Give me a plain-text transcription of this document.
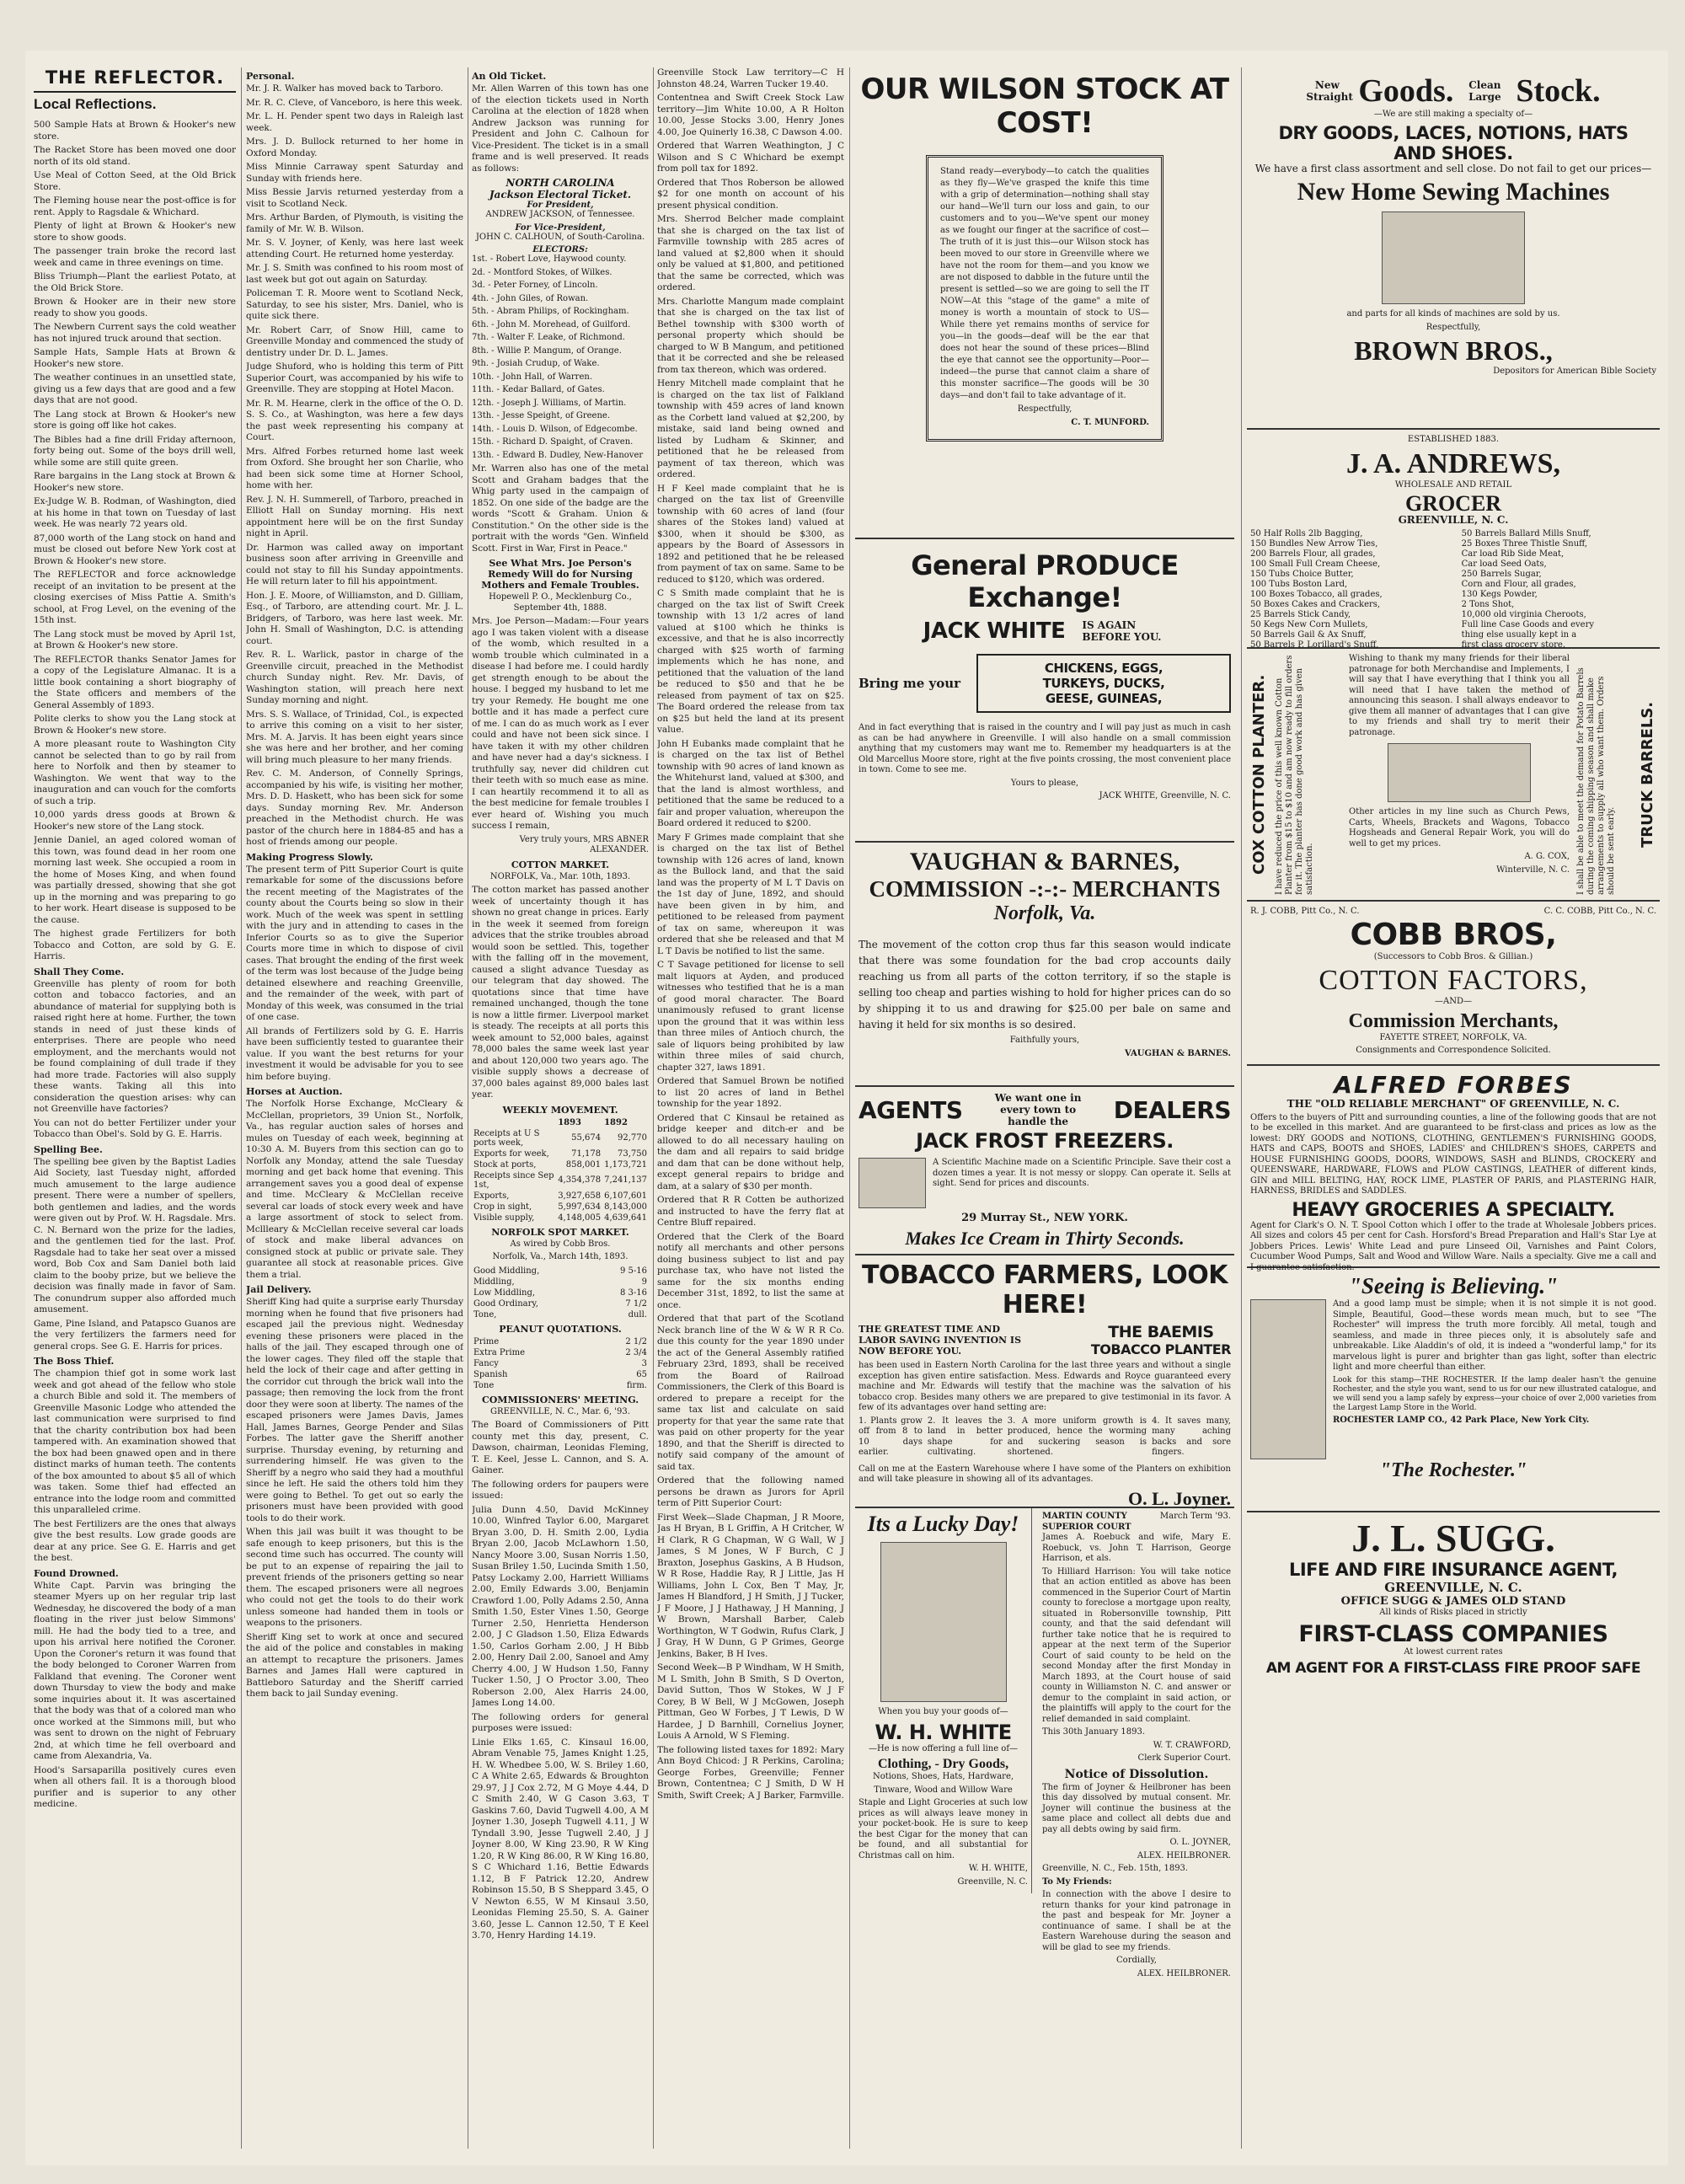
THE REFLECTOR.
Local Reflections.

500 Sample Hats at Brown & Hooker's new store.

The Racket Store has been moved one door north of its old stand.

Use Meal of Cotton Seed, at the Old Brick Store.

The Fleming house near the post-office is for rent. Apply to Ragsdale & Whichard.

Plenty of light at Brown & Hooker's new store to show goods.

The passenger train broke the record last week and came in three evenings on time.

Bliss Triumph—Plant the earliest Potato, at the Old Brick Store.

Brown & Hooker are in their new store ready to show you goods.

The Newbern Current says the cold weather has not injured truck around that section.

Sample Hats, Sample Hats at Brown & Hooker's new store.

The weather continues in an unsettled state, giving us a few days that are good and a few days that are not good.

The Lang stock at Brown & Hooker's new store is going off like hot cakes.

The Bibles had a fine drill Friday afternoon, forty being out. Some of the boys drill well, while some are still quite green.

Rare bargains in the Lang stock at Brown & Hooker's new store.

Ex-Judge W. B. Rodman, of Washington, died at his home in that town on Tuesday of last week. He was nearly 72 years old.

87,000 worth of the Lang stock on hand and must be closed out before New York cost at Brown & Hooker's new store.

The REFLECTOR and force acknowledge receipt of an invitation to be present at the closing exercises of Miss Pattie A. Smith's school, at Frog Level, on the evening of the 15th inst.

The Lang stock must be moved by April 1st, at Brown & Hooker's new store.

The REFLECTOR thanks Senator James for a copy of the Legislature Almanac. It is a little book containing a short biography of the State officers and members of the General Assembly of 1893.

Polite clerks to show you the Lang stock at Brown & Hooker's new store.

A more pleasant route to Washington City cannot be selected than to go by rail from here to Norfolk and then by steamer to Washington. We went that way to the inauguration and can vouch for the comforts of such a trip.

10,000 yards dress goods at Brown & Hooker's new store of the Lang stock.

Jennie Daniel, an aged colored woman of this town, was found dead in her room one morning last week. She occupied a room in the home of Moses King, and when found was partially dressed, showing that she got up in the morning and was preparing to go to her work. Heart disease is supposed to be the cause.

The highest grade Fertilizers for both Tobacco and Cotton, are sold by G. E. Harris.

Shall They Come.

Greenville has plenty of room for both cotton and tobacco factories, and an abundance of material for supplying both is raised right here at home. Further, the town stands in need of just these kinds of enterprises. There are people who need employment, and the merchants would not be found complaining of dull trade if they had more trade. Factories will also supply these wants. Taking all this into consideration the question arises: why can not Greenville have factories?

You can not do better Fertilizer under your Tobacco than Obel's. Sold by G. E. Harris.

Spelling Bee.

The spelling bee given by the Baptist Ladies Aid Society, last Tuesday night, afforded much amusement to the large audience present. There were a number of spellers, both gentlemen and ladies, and the words were given out by Prof. W. H. Ragsdale. Mrs. C. N. Bernard won the prize for the ladies, and the gentlemen tied for the last. Prof. Ragsdale had to take her seat over a missed word, Bob Cox and Sam Daniel both laid claim to the booby prize, but we believe the decision was finally made in favor of Sam. The conundrum supper also afforded much amusement.

Game, Pine Island, and Patapsco Guanos are the very fertilizers the farmers need for general crops. See G. E. Harris for prices.

The Boss Thief.

The champion thief got in some work last week and got ahead of the fellow who stole a church Bible and sold it. The members of Greenville Masonic Lodge who attended the last communication were surprised to find that the charity contribution box had been tampered with. An examination showed that the box had been gnawed open and in there distinct marks of human teeth. The contents of the box amounted to about $5 all of which was taken. Some thief had effected an entrance into the lodge room and committed this unparalleled crime.

The best Fertilizers are the ones that always give the best results. Low grade goods are dear at any price. See G. E. Harris and get the best.

Found Drowned.

White Capt. Parvin was bringing the steamer Myers up on her regular trip last Wednesday, he discovered the body of a man floating in the river just below Simmons' mill. He had the body tied to a tree, and upon his arrival here notified the Coroner. Upon the Coroner's return it was found that the body belonged to Coroner Warren from Falkland that evening. The Coroner went down Thursday to view the body and make some inquiries about it. It was ascertained that the body was that of a colored man who once worked at the Simmons mill, but who was sent to drown on the night of February 2nd, at which time he fell overboard and came from Alexandria, Va.

Hood's Sarsaparilla positively cures even when all others fail. It is a thorough blood purifier and is superior to any other medicine.

Personal.

Mr. J. R. Walker has moved back to Tarboro.

Mr. R. C. Cleve, of Vanceboro, is here this week.

Mr. L. H. Pender spent two days in Raleigh last week.

Mrs. J. D. Bullock returned to her home in Oxford Monday.

Miss Minnie Carraway spent Saturday and Sunday with friends here.

Miss Bessie Jarvis returned yesterday from a visit to Scotland Neck.

Mrs. Arthur Barden, of Plymouth, is visiting the family of Mr. W. B. Wilson.

Mr. S. V. Joyner, of Kenly, was here last week attending Court. He returned home yesterday.

Mr. J. S. Smith was confined to his room most of last week but got out again on Saturday.

Policeman T. R. Moore went to Scotland Neck, Saturday, to see his sister, Mrs. Daniel, who is quite sick there.

Mr. Robert Carr, of Snow Hill, came to Greenville Monday and commenced the study of dentistry under Dr. D. L. James.

Judge Shuford, who is holding this term of Pitt Superior Court, was accompanied by his wife to Greenville. They are stopping at Hotel Macon.

Mr. R. M. Hearne, clerk in the office of the O. D. S. S. Co., at Washington, was here a few days the past week representing his company at Court.

Mrs. Alfred Forbes returned home last week from Oxford. She brought her son Charlie, who had been sick some time at Horner School, home with her.

Rev. J. N. H. Summerell, of Tarboro, preached in Elliott Hall on Sunday morning. His next appointment here will be on the first Sunday night in April.

Dr. Harmon was called away on important business soon after arriving in Greenville and could not stay to fill his Sunday appointments. He will return later to fill his appointment.

Hon. J. E. Moore, of Williamston, and D. Gilliam, Esq., of Tarboro, are attending court. Mr. J. L. Bridgers, of Tarboro, was here last week. Mr. John H. Small of Washington, D.C. is attending court.

Rev. R. L. Warlick, pastor in charge of the Greenville circuit, preached in the Methodist church Sunday night. Rev. Mr. Davis, of Washington station, will preach here next Sunday morning and night.

Mrs. S. S. Wallace, of Trinidad, Col., is expected to arrive this coming on a visit to her sister, Mrs. M. A. Jarvis. It has been eight years since she was here and her brother, and her coming will bring much pleasure to her many friends.

Rev. C. M. Anderson, of Connelly Springs, accompanied by his wife, is visiting her mother, Mrs. D. D. Haskett, who has been sick for some days. Sunday morning Rev. Mr. Anderson preached in the Methodist church. He was pastor of the church here in 1884-85 and has a host of friends among our people.

Making Progress Slowly.

The present term of Pitt Superior Court is quite remarkable for some of the discussions before the recent meeting of the Magistrates of the county about the Courts being so slow in their work. Much of the week was spent in settling with the jury and in attending to cases in the Inferior Courts so as to give the Superior Courts more time in which to dispose of civil cases. That brought the ending of the first week of the term was lost because of the Judge being detained elsewhere and reaching Greenville, and the remainder of the week, with part of Monday of this week, was consumed in the trial of one case.

All brands of Fertilizers sold by G. E. Harris have been sufficiently tested to guarantee their value. If you want the best returns for your investment it would be advisable for you to see him before buying.

Horses at Auction.

The Norfolk Horse Exchange, McCleary & McClellan, proprietors, 39 Union St., Norfolk, Va., has regular auction sales of horses and mules on Tuesday of each week, beginning at 10:30 A. M. Buyers from this section can go to Norfolk any Monday, attend the sale Tuesday morning and get back home that evening. This arrangement saves you a good deal of expense and time. McCleary & McClellan receive several car loads of stock every week and have a large assortment of stock to select from. Mcllleary & McClellan receive several car loads of stock and make liberal advances on consigned stock at public or private sale. They guarantee all stock at reasonable prices. Give them a trial.

Jail Delivery.

Sheriff King had quite a surprise early Thursday morning when he found that five prisoners had escaped jail the previous night. Wednesday evening these prisoners were placed in the halls of the jail. They escaped through one of the lower cages. They filed off the staple that held the lock of their cage and after getting in the corridor cut through the brick wall into the passage; then removing the lock from the front door they were soon at liberty. The names of the escaped prisoners were James Davis, James Hall, James Barnes, George Pender and Silas Forbes. The latter gave the Sheriff another surprise. Thursday evening, by returning and surrendering himself. He was given to the Sheriff by a negro who said they had a mouthful since he left. He said the others told him they were going to Bethel. To get out so early the prisoners must have been provided with good tools to do their work.

When this jail was built it was thought to be safe enough to keep prisoners, but this is the second time such has occurred. The county will be put to an expense of repairing the jail to prevent friends of the prisoners getting so near them. The escaped prisoners were all negroes who could not get the tools to do their work unless someone had handed them in tools or weapons to the prisoners.

Sheriff King set to work at once and secured the aid of the police and constables in making an attempt to recapture the prisoners. James Barnes and James Hall were captured in Battleboro Saturday and the Sheriff carried them back to jail Sunday evening.

An Old Ticket.

Mr. Allen Warren of this town has one of the election tickets used in North Carolina at the election of 1828 when Andrew Jackson was running for President and John C. Calhoun for Vice-President. The ticket is in a small frame and is well preserved. It reads as follows:

NORTH CAROLINA
Jackson Electoral Ticket.
For President,

ANDREW JACKSON, of Tennessee.

For Vice-President,

JOHN C. CALHOUN, of South-Carolina.

ELECTORS:

1st. - Robert Love, Haywood county.

2d. - Montford Stokes, of Wilkes.

3d. - Peter Forney, of Lincoln.

4th. - John Giles, of Rowan.

5th. - Abram Philips, of Rockingham.

6th. - John M. Morehead, of Guilford.

7th. - Walter F. Leake, of Richmond.

8th. - Willie P. Mangum, of Orange.

9th. - Josiah Crudup, of Wake.

10th. - John Hall, of Warren.

11th. - Kedar Ballard, of Gates.

12th. - Joseph J. Williams, of Martin.

13th. - Jesse Speight, of Greene.

14th. - Louis D. Wilson, of Edgecombe.

15th. - Richard D. Spaight, of Craven.

13th. - Edward B. Dudley, New-Hanover

Mr. Warren also has one of the metal Scott and Graham badges that the Whig party used in the campaign of 1852. On one side of the badge are the words "Scott & Graham. Union & Constitution." On the other side is the portrait with the words "Gen. Winfield Scott. First in War, First in Peace."

See What Mrs. Joe Person's Remedy Will do for Nursing Mothers and Female Troubles.

Hopewell P. O., Mecklenburg Co., September 4th, 1888.

Mrs. Joe Person—Madam:—Four years ago I was taken violent with a disease of the womb, which resulted in a womb trouble which culminated in a disease I had before me. I could hardly get strength enough to be about the house. I begged my husband to let me try your Remedy. He bought me one bottle and it has made a perfect cure of me. I can do as much work as I ever could and have not been sick since. I have taken it with my other children and have never had a day's sickness. I truthfully say, never did children cut their teeth with so much ease as mine. I can heartily recommend it to all as the best medicine for female troubles I ever heard of. Wishing you much success I remain,

Very truly yours, MRS ABNER ALEXANDER.

COTTON MARKET.

NORFOLK, Va., Mar. 10th, 1893.

The cotton market has passed another week of uncertainty though it has shown no great change in prices. Early in the week it seemed from foreign advices that the strike troubles abroad would soon be settled. This, together with the falling off in the movement, caused a slight advance Tuesday as our telegram that day showed. The quotations since that time have remained unchanged, though the tone is now a little firmer. Liverpool market is steady. The receipts at all ports this week amount to 52,000 bales, against 78,000 bales the same week last year and about 120,000 two years ago. The visible supply shows a decrease of 37,000 bales against 89,000 bales last year.

WEEKLY MOVEMENT.
	1893	1892
Receipts at U S ports week,	55,674	92,770
Exports for week,	71,178	73,750
Stock at ports,	858,001	1,173,721
Receipts since Sep 1st,	4,354,378	7,241,137
Exports,	3,927,658	6,107,601
Crop in sight,	5,997,634	8,143,000
Visible supply,	4,148,005	4,639,641
NORFOLK SPOT MARKET.

As wired by Cobb Bros.

Norfolk, Va., March 14th, 1893.

Good Middling,	9 5-16
Middling,	9
Low Middling,	8 3-16
Good Ordinary,	7 1/2
Tone,	dull.
PEANUT QUOTATIONS.
Prime	2 1/2
Extra Prime	2 3/4
Fancy	3
Spanish	65
Tone	firm.
COMMISSIONERS' MEETING.

GREENVILLE, N. C., Mar. 6, '93.

The Board of Commissioners of Pitt county met this day, present, C. Dawson, chairman, Leonidas Fleming, T. E. Keel, Jesse L. Cannon, and S. A. Gainer.

The following orders for paupers were issued:

Julia Dunn 4.50, David McKinney 10.00, Winfred Taylor 6.00, Margaret Bryan 3.00, D. H. Smith 2.00, Lydia Bryan 2.00, Jacob McLawhorn 1.50, Nancy Moore 3.00, Susan Norris 1.50, Susan Briley 1.50, Lucinda Smith 1.50, Patsy Lockamy 2.00, Harriett Williams 2.00, Emily Edwards 3.00, Benjamin Crawford 1.00, Polly Adams 2.50, Anna Smith 1.50, Ester Vines 1.50, George Turner 2.50, Henrietta Henderson 2.00, J C Gladson 1.50, Eliza Edwards 1.50, Carlos Gorham 2.00, J H Bibb 2.00, Henry Dail 2.00, Sanoel and Amy Cherry 4.00, J W Hudson 1.50, Fanny Tucker 1.50, J O Proctor 3.00, Theo Roberson 2.00, Alex Harris 24.00, James Long 14.00.

The following orders for general purposes were issued:

Linie Elks 1.65, C. Kinsaul 16.00, Abram Venable 75, James Knight 1.25, H. W. Whedbee 5.00, W. S. Briley 1.60, C A White 2.65, Edwards & Broughton 29.97, J J Cox 2.72, M G Moye 4.44, D C Smith 2.40, W G Cason 3.63, T Gaskins 7.60, David Tugwell 4.00, A M Joyner 1.30, Joseph Tugwell 4.11, J W Tyndall 3.90, Jesse Tugwell 2.40, J J Joyner 8.00, W King 23.90, R W King 1.20, R W King 86.00, R W King 16.80, S C Whichard 1.16, Bettie Edwards 1.12, B F Patrick 12.20, Andrew Robinson 15.50, B S Sheppard 3.45, O V Newton 6.55, W M Kinsaul 3.50, Leonidas Fleming 25.50, S. A. Gainer 3.60, Jesse L. Cannon 12.50, T E Keel 3.70, Henry Harding 14.19.

Greenville Stock Law territory—C H Johnston 48.24, Warren Tucker 19.40.

Contentnea and Swift Creek Stock Law territory—Jim White 10.00, A R Holton 10.00, Jesse Stocks 3.00, Henry Jones 4.00, Joe Quinerly 16.38, C Dawson 4.00.

Ordered that Warren Weathington, J C Wilson and S C Whichard be exempt from poll tax for 1892.

Ordered that Thos Roberson be allowed $2 for one month on account of his present physical condition.

Mrs. Sherrod Belcher made complaint that she is charged on the tax list of Farmville township with 285 acres of land valued at $2,800 when it should only be valued at $1,800, and petitioned that the same be corrected, which was ordered.

Mrs. Charlotte Mangum made complaint that she is charged on the tax list of Bethel township with $300 worth of personal property which should be charged to W B Mangum, and petitioned that it be corrected and she be released from tax thereon, which was ordered.

Henry Mitchell made complaint that he is charged on the tax list of Falkland township with 459 acres of land known as the Corbett land valued at $2,200, by mistake, said land being owned and listed by Ludham & Skinner, and petitioned that he be released from payment of tax thereon, which was ordered.

H F Keel made complaint that he is charged on the tax list of Greenville township with 60 acres of land (four shares of the Stokes land) valued at $300, when it should be $300, as appears by the Board of Assessors in 1892 and petitioned that he be released from payment of tax on same. Same to be reduced to $120, which was ordered.

C S Smith made complaint that he is charged on the tax list of Swift Creek township with 13 1/2 acres of land valued at $100 which he thinks is excessive, and that he is also incorrectly charged with $25 worth of farming implements which he has none, and petitioned that the valuation of the land be reduced to $50 and that he be released from payment of tax on $25. The Board ordered the release from tax on $25 but held the land at its present value.

John H Eubanks made complaint that he is charged on the tax list of Bethel township with 90 acres of land known as the Whitehurst land, valued at $300, and that the land is almost worthless, and petitioned that the same be reduced to a fair and proper valuation, whereupon the Board ordered it reduced to $200.

Mary F Grimes made complaint that she is charged on the tax list of Bethel township with 126 acres of land, known as the Bullock land, and that the said land was the property of M L T Davis on the 1st day of June, 1892, and should have been given in by him, and petitioned to be released from payment of tax on same, whereupon it was ordered that she be released and that M L T Davis be notified to list the same.

C T Savage petitioned for license to sell malt liquors at Ayden, and produced witnesses who testified that he is a man of good moral character. The Board unanimously refused to grant license upon the ground that it was within less than three miles of Antioch church, the sale of liquors being prohibited by law within three miles of said church, chapter 327, laws 1891.

Ordered that Samuel Brown be notified to list 20 acres of land in Bethel township for the year 1892.

Ordered that C Kinsaul be retained as bridge keeper and ditch-er and be allowed to do all necessary hauling on the dam and all repairs to said bridge and dam that can be done without help, except general repairs to bridge and dam, at a salary of $30 per month.

Ordered that R R Cotten be authorized and instructed to have the ferry flat at Centre Bluff repaired.

Ordered that the Clerk of the Board notify all merchants and other persons doing business subject to list and pay purchase tax, who have not listed the same for the six months ending December 31st, 1892, to list the same at once.

Ordered that that part of the Scotland Neck branch line of the W & W R R Co. due this county for the year 1890 under the act of the General Assembly ratified February 23rd, 1893, shall be received from the Board of Railroad Commissioners, the Clerk of this Board is ordered to prepare a receipt for the same tax list and calculate on said property for that year the same rate that was paid on other property for the year 1890, and that the Sheriff is directed to notify said company of the amount of said tax.

Ordered that the following named persons be drawn as Jurors for April term of Pitt Superior Court:

First Week—Slade Chapman, J R Moore, Jas H Bryan, B L Griffin, A H Critcher, W H Clark, R G Chapman, W G Wall, W J James, S M Jones, W F Burch, C J Braxton, Josephus Gaskins, A B Hudson, W R Rose, Haddie Ray, R J Little, Jas H Williams, John L Cox, Ben T May, Jr, James H Blandford, J H Smith, J J Tucker, J F Moore, J J Hathaway, J H Manning, J W Brown, Marshall Barber, Caleb Worthington, W T Godwin, Rufus Clark, J J Gray, H W Dunn, G P Grimes, George Jenkins, Baker, B H Ives.

Second Week—B P Windham, W H Smith, M L Smith, John B Smith, S D Overton, David Sutton, Thos W Stokes, W J F Corey, B W Bell, W J McGowen, Joseph Pittman, Geo W Forbes, J T Lewis, D W Hardee, J D Barnhill, Cornelius Joyner, Louis A Arnold, W S Fleming.

The following listed taxes for 1892: Mary Ann Boyd Chicod: J R Perkins, Carolina; George Forbes, Greenville; Fenner Brown, Contentnea; C J Smith, D W H Smith, Swift Creek; A J Barker, Farmville.

OUR WILSON STOCK AT COST!

Stand ready—everybody—to catch the qualities as they fly—We've grasped the knife this time with a grip of determination—nothing shall stay our hand—We'll turn our loss and gain, to our customers and to you—We've spent our money as we fought our finger at the sacrifice of cost—The truth of it is just this—our Wilson stock has been moved to our store in Greenville where we have not the room for them—and you know we are not disposed to dabble in the future until the present is settled—so we are going to sell the IT NOW—At this "stage of the game" a mite of money is worth a mountain of stock to US—While there yet remains months of service for you—in the goods—deaf will be the ear that does not hear the sound of these prices—Blind the eye that cannot see the opportunity—Poor—indeed—the purse that cannot claim a share of this monster sacrifice—The goods will be 30 days—and don't fail to take advantage of it.

Respectfully,

C. T. MUNFORD.

General PRODUCE Exchange!
JACK WHITE IS AGAIN BEFORE YOU.
Bring me your
CHICKENS, EGGS,
TURKEYS, DUCKS,
GEESE, GUINEAS,

And in fact everything that is raised in the country and I will pay just as much in cash as can be had anywhere in Greenville. I will also handle on a small commission anything that my customers may want me to. Remember my headquarters is at the Old Marcellus Moore store, right at the five points crossing, the most convenient place in town. Come to see me.

Yours to please,

JACK WHITE, Greenville, N. C.

VAUGHAN & BARNES,
COMMISSION -:-:- MERCHANTS
Norfolk, Va.

The movement of the cotton crop thus far this season would indicate that there was some foundation for the bad crop accounts daily reaching us from all parts of the cotton territory, if so the staple is selling too cheap and parties wishing to hold for higher prices can do so by shipping it to us and drawing for $25.00 per bale on same and having it held for six months is so desired.

Faithfully yours,

VAUGHAN & BARNES.

AGENTS	We want one in every town to handle the	DEALERS
JACK FROST FREEZERS.

A Scientific Machine made on a Scientific Principle. Save their cost a dozen times a year. It is not messy or sloppy. Can operate it. Sells at sight. Send for prices and discounts.

29 Murray St., NEW YORK.
Makes Ice Cream in Thirty Seconds.
TOBACCO FARMERS, LOOK HERE!
THE GREATEST TIME AND LABOR SAVING INVENTION IS NOW BEFORE YOU.
THE BAEMIS
TOBACCO PLANTER

has been used in Eastern North Carolina for the last three years and without a single exception has given entire satisfaction. Mess. Edwards and Royce guaranteed every machine and Mr. Edwards will testify that the machine was the salvation of his tobacco crop. Besides many others we are prepared to give testimonial in its favor. A few of its advantages over hand setting are:

1. Plants grow off from 8 to 10 days earlier.

2. It leaves the land in better shape for cultivating.

3. A more uniform growth is produced, hence the worming and suckering season is shortened.

4. It saves many, many aching backs and sore fingers.

Call on me at the Eastern Warehouse where I have some of the Planters on exhibition and will take pleasure in showing all of its advantages.

O. L. Joyner.
Its a Lucky Day!

When you buy your goods of—

W. H. WHITE

—He is now offering a full line of—

Clothing, - Dry Goods,

Notions, Shoes, Hats, Hardware,

Tinware, Wood and Willow Ware

Staple and Light Groceries at such low prices as will always leave money in your pocket-book. He is sure to keep the best Cigar for the money that can be found, and all substantial for Christmas call on him.

W. H. WHITE,

Greenville, N. C.

MARTIN COUNTY SUPERIOR COURT
March Term '93.

James A. Roebuck and wife, Mary E. Roebuck, vs. John T. Harrison, George Harrison, et als.

To Hilliard Harrison: You will take notice that an action entitled as above has been commenced in the Superior Court of Martin county to foreclose a mortgage upon realty, situated in Robersonville township, Pitt county, and that the said defendant will further take notice that he is required to appear at the next term of the Superior Court of said county to be held on the second Monday after the first Monday in March 1893, at the Court house of said county in Williamston N. C. and answer or demur to the complaint in said action, or the plaintiffs will apply to the court for the relief demanded in said complaint.

This 30th January 1893.

W. T. CRAWFORD,

Clerk Superior Court.

Notice of Dissolution.

The firm of Joyner & Heilbroner has been this day dissolved by mutual consent. Mr. Joyner will continue the business at the same place and collect all debts due and pay all debts owing by said firm.

O. L. JOYNER,

ALEX. HEILBRONER.

Greenville, N. C., Feb. 15th, 1893.

To My Friends:

In connection with the above I desire to return thanks for your kind patronage in the past and bespeak for Mr. Joyner a continuance of same. I shall be at the Eastern Warehouse during the season and will be glad to see my friends.

Cordially,

ALEX. HEILBRONER.

New Straight Goods.	Clean Large Stock.

—We are still making a specialty of—

DRY GOODS, LACES, NOTIONS, HATS
AND SHOES.

We have a first class assortment and sell close. Do not fail to get our prices—

New Home Sewing Machines

and parts for all kinds of machines are sold by us.

Respectfully,

BROWN BROS.,

Depositors for American Bible Society

ESTABLISHED 1883.

J. A. ANDREWS,

WHOLESALE AND RETAIL

GROCER

GREENVILLE, N. C.

50 Half Rolls 2lb Bagging,

150 Bundles New Arrow Ties,

200 Barrels Flour, all grades,

100 Small Full Cream Cheese,

150 Tubs Choice Butter,

100 Tubs Boston Lard,

100 Boxes Tobacco, all grades,

50 Boxes Cakes and Crackers,

25 Barrels Stick Candy,

50 Kegs New Corn Mullets,

50 Barrels Gail & Ax Snuff,

50 Barrels P. Lorillard's Snuff,

50 Barrels Ballard Mills Snuff,

25 Boxes Three Thistle Snuff,

Car load Rib Side Meat,

Car load Seed Oats,

250 Barrels Sugar,

Corn and Flour, all grades,

130 Kegs Powder,

2 Tons Shot,

10,000 old virginia Cheroots,

Full line Case Goods and every

thing else usually kept in a

first class grocery store.

COX COTTON PLANTER. I have reduced the price of this well known Cotton Planter from $15 to $10 and am now ready to fill orders for it. The planter has done good work and has given satisfaction.

Wishing to thank my many friends for their liberal patronage for both Merchandise and Implements, I will say that I have everything that I think you all will need that I have taken the method of announcing this season. I shall always endeavor to give them all manner of advantages that I can give to my friends and shall try to merit their patronage.

Other articles in my line such as Church Pews, Carts, Wheels, Brackets and Wagons, Tobacco Hogsheads and General Repair Work, you will do well to get my prices.

A. G. COX,

Winterville, N. C. I shall be able to meet the demand for Potato Barrels during the coming shipping season and shall make arrangements to supply all who want them. Orders should be sent early.
TRUCK BARRELS.
R. J. COBB, Pitt Co., N. C.	C. C. COBB, Pitt Co., N. C.
COBB BROS,

(Successors to Cobb Bros. & Gillian.)

COTTON FACTORS,

—AND—

Commission Merchants,

FAYETTE STREET, NORFOLK, VA.

Consignments and Correspondence Solicited.

ALFRED FORBES

THE "OLD RELIABLE MERCHANT" OF GREENVILLE, N. C.

Offers to the buyers of Pitt and surrounding counties, a line of the following goods that are not to be excelled in this market. And are guaranteed to be first-class and prices as low as the lowest: DRY GOODS and NOTIONS, CLOTHING, GENTLEMEN'S FURNISHING GOODS, HATS and CAPS, BOOTS and SHOES, LADIES' and CHILDREN'S SHOES, CARPETS and HOUSE FURNISHING GOODS, DOORS, WINDOWS, SASH and BLINDS, CROCKERY and QUEENSWARE, HARDWARE, FLOWS and PLOW CASTINGS, LEATHER of different kinds, GIN and MILL BELTING, HAY, ROCK LIME, PLASTER OF PARIS, and PLASTERING HAIR, HARNESS, BRIDLES and SADDLES.

HEAVY GROCERIES A SPECIALTY.

Agent for Clark's O. N. T. Spool Cotton which I offer to the trade at Wholesale Jobbers prices. All sizes and colors 45 per cent for Cash. Horsford's Bread Preparation and Hall's Star Lye at Jobbers Prices. Lewis' White Lead and pure Linseed Oil, Varnishes and Paint Colors, Cucumber Wood Pumps, Salt and Wood and Willow Ware. Nails a specialty. Give me a call and I guarantee satisfaction.

"Seeing is Believing."

And a good lamp must be simple; when it is not simple it is not good. Simple, Beautiful, Good—these words mean much, but to see "The Rochester" will impress the truth more forcibly. All metal, tough and seamless, and made in three pieces only, it is absolutely safe and unbreakable. Like Aladdin's of old, it is indeed a "wonderful lamp," for its marvelous light is purer and brighter than gas light, softer than electric light and more cheerful than either.

Look for this stamp—THE ROCHESTER. If the lamp dealer hasn't the genuine Rochester, and the style you want, send to us for our new illustrated catalogue, and we will send you a lamp safely by express—your choice of over 2,000 varieties from the Largest Lamp Store in the World.

ROCHESTER LAMP CO., 42 Park Place, New York City.

"The Rochester."
J. L. SUGG.
LIFE AND FIRE INSURANCE AGENT,
GREENVILLE, N. C.
OFFICE SUGG & JAMES OLD STAND

All kinds of Risks placed in strictly

FIRST-CLASS COMPANIES

At lowest current rates

AM AGENT FOR A FIRST-CLASS FIRE PROOF SAFE
